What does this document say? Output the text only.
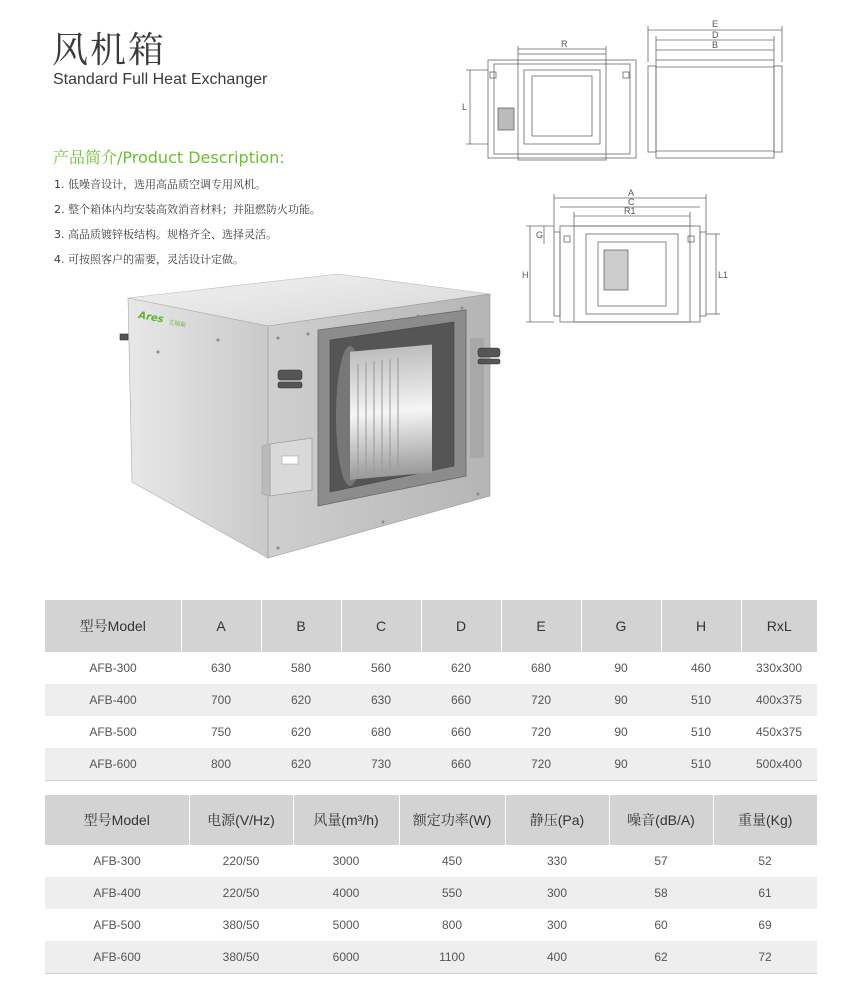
风机箱
Standard Full Heat Exchanger
产品简介/Product Description:
1. 低噪音设计，选用高品质空调专用风机。
2. 整个箱体内均安装高效消音材料；并阻燃防火功能。
3. 高品质镀锌板结构。规格齐全、选择灵活。
4. 可按照客户的需要，灵活设计定做。
R
L
E
D
B
A
C
R1
G
H	L1
Ares 艾瑞斯
型号Model	A	B	C	D	E	G	H	RxL
AFB-300	630	580	560	620	680	90	460	330x300
AFB-400	700	620	630	660	720	90	510	400x375
AFB-500	750	620	680	660	720	90	510	450x375
AFB-600	800	620	730	660	720	90	510	500x400
型号Model	电源(V/Hz)	风量(m³/h)	额定功率(W)	静压(Pa)	噪音(dB/A)	重量(Kg)
AFB-300	220/50	3000	450	330	57	52
AFB-400	220/50	4000	550	300	58	61
AFB-500	380/50	5000	800	300	60	69
AFB-600	380/50	6000	1100	400	62	72
